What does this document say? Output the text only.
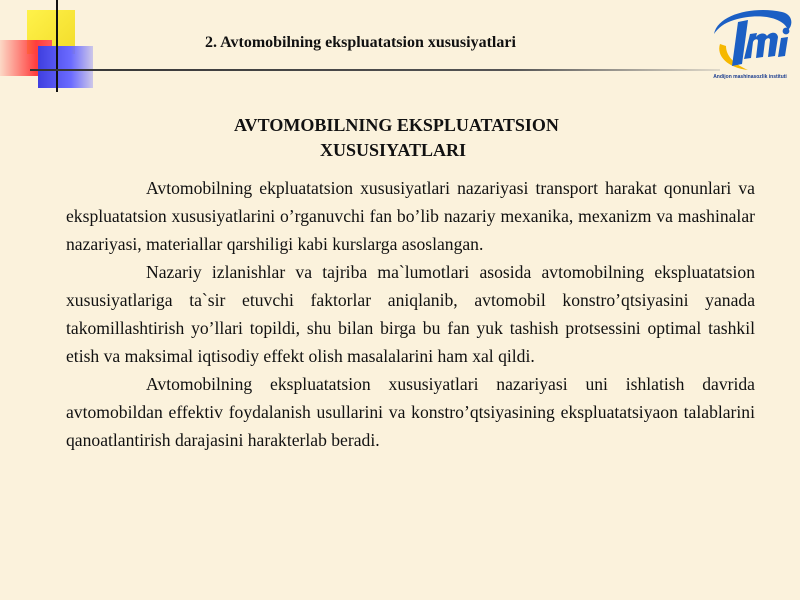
2. Avtomobilning ekspluatatsion xususiyatlari
Andijon mashinasozlik instituti
AVTOMOBILNING EKSPLUATATSION
XUSUSIYATLARI

Avtomobilning ekpluatatsion xususiyatlari nazariyasi transport harakat qonunlari va ekspluatatsion xususiyatlarini o’rganuvchi fan bo’lib nazariy mexanika, mexanizm va mashinalar nazariyasi, materiallar qarshiligi kabi kurslarga asoslangan.

Nazariy izlanishlar va tajriba ma`lumotlari asosida avtomobilning ekspluatatsion xususiyatlariga ta`sir etuvchi faktorlar aniqlanib, avtomobil konstro’qtsiyasini yanada takomillashtirish yo’llari topildi, shu bilan birga bu fan yuk tashish protsessini optimal tashkil etish va maksimal iqtisodiy effekt olish masalalarini ham xal qildi.

Avtomobilning ekspluatatsion xususiyatlari nazariyasi uni ishlatish davrida avtomobildan effektiv foydalanish usullarini va konstro’qtsiyasining ekspluatatsiyaon talablarini qanoatlantirish darajasini harakterlab beradi.
